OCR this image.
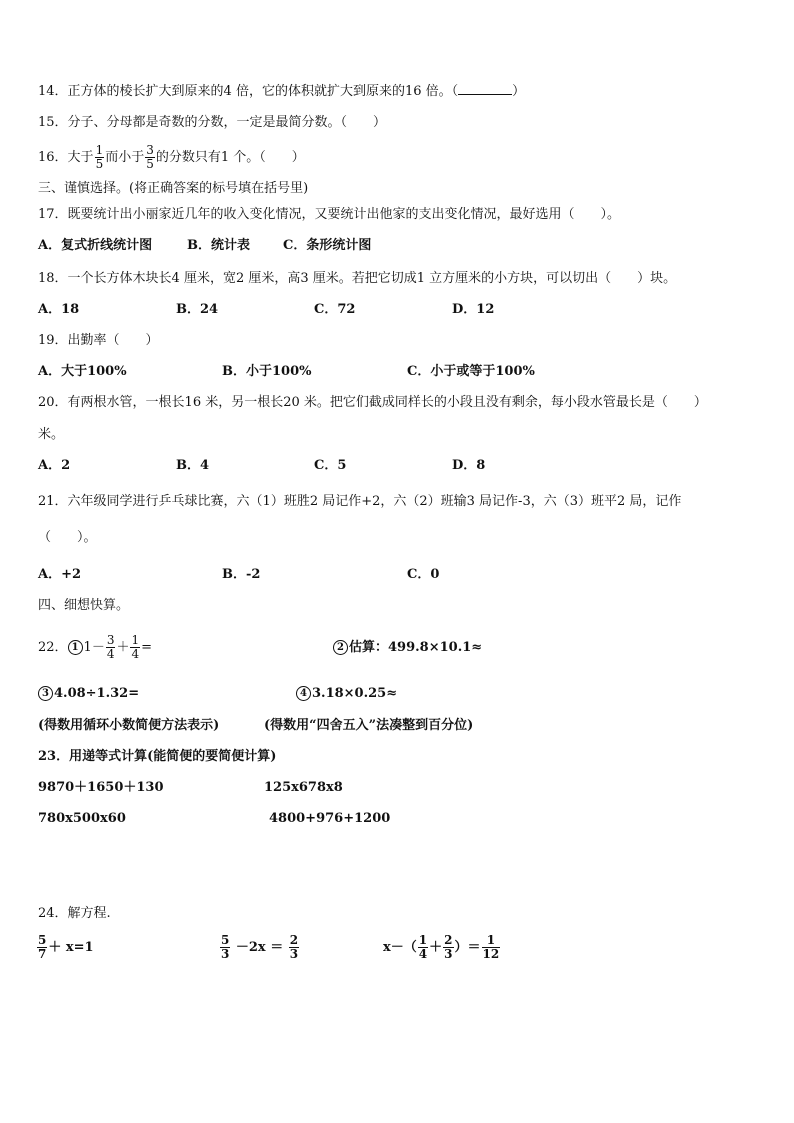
14．正方体的棱长扩大到原来的4 倍，它的体积就扩大到原来的16 倍。（	）
15．分子、分母都是奇数的分数，一定是最简分数。（　　）
16．大于 $\frac{1}{5}$ 而小于 $\frac{3}{5}$ 的分数只有1 个。（　　）
三、谨慎选择。(将正确答案的标号填在括号里)
17．既要统计出小丽家近几年的收入变化情况，又要统计出他家的支出变化情况，最好选用（　　）。
A．复式折线统计图	B．统计表	C．条形统计图
18．一个长方体木块长4 厘米，宽2 厘米，高3 厘米。若把它切成1 立方厘米的小方块，可以切出（　　）块。
A．18	B．24	C．72	D．12
19．出勤率（　　）
A．大于100%	B．小于100%	C．小于或等于100%
20．有两根水管，一根长16 米，另一根长20 米。把它们截成同样长的小段且没有剩余，每小段水管最长是（　　）
米。
A．2	B．4	C．5	D．8
21．六年级同学进行乒乓球比赛，六（1）班胜2 局记作+2，六（2）班输3 局记作-3，六（3）班平2 局，记作
（　　）。
A．+2	B．-2	C．0
四、细想快算。
22． 1 $1- \frac{3}{4} + \frac{1}{4}$ =	2 估算：499.8×10.1≈
3 4.08÷1.32=	4 3.18×0.25≈
(得数用循环小数简便方法表示)	(得数用“四舍五入”法凑整到百分位)
23．用递等式计算(能简便的要简便计算)
9870＋1650＋130	125x678x8
780x500x60	4800+976+1200
24．解方程.
$\frac{5}{7} + x=1$	$\frac{5}{3} -2x = \frac{2}{3}$	$x-( \frac{1}{4} + \frac{2}{3}$ ）＝ $\frac{1}{12}$
